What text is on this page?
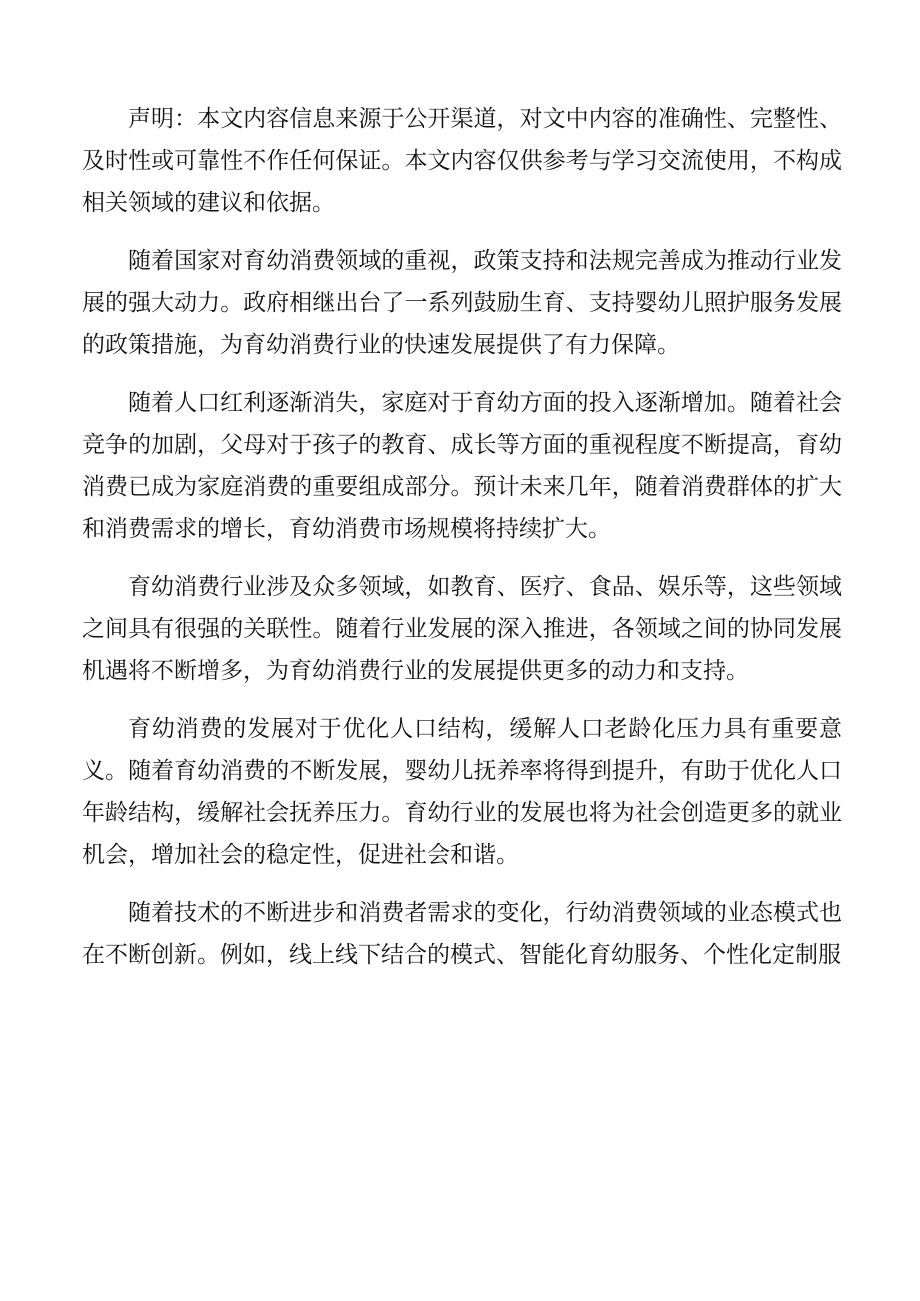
声明：本文内容信息来源于公开渠道，对文中内容的准确性、完整性、及时性或可靠性不作任何保证。本文内容仅供参考与学习交流使用，不构成相关领域的建议和依据。

随着国家对育幼消费领域的重视，政策支持和法规完善成为推动行业发展的强大动力。政府相继出台了一系列鼓励生育、支持婴幼儿照护服务发展的政策措施，为育幼消费行业的快速发展提供了有力保障。

随着人口红利逐渐消失，家庭对于育幼方面的投入逐渐增加。随着社会竞争的加剧，父母对于孩子的教育、成长等方面的重视程度不断提高，育幼消费已成为家庭消费的重要组成部分。预计未来几年，随着消费群体的扩大和消费需求的增长，育幼消费市场规模将持续扩大。

育幼消费行业涉及众多领域，如教育、医疗、食品、娱乐等，这些领域之间具有很强的关联性。随着行业发展的深入推进，各领域之间的协同发展机遇将不断增多，为育幼消费行业的发展提供更多的动力和支持。

育幼消费的发展对于优化人口结构，缓解人口老龄化压力具有重要意义。随着育幼消费的不断发展，婴幼儿抚养率将得到提升，有助于优化人口年龄结构，缓解社会抚养压力。育幼行业的发展也将为社会创造更多的就业机会，增加社会的稳定性，促进社会和谐。

随着技术的不断进步和消费者需求的变化，行幼消费领域的业态模式也在不断创新。例如，线上线下结合的模式、智能化育幼服务、个性化定制服
